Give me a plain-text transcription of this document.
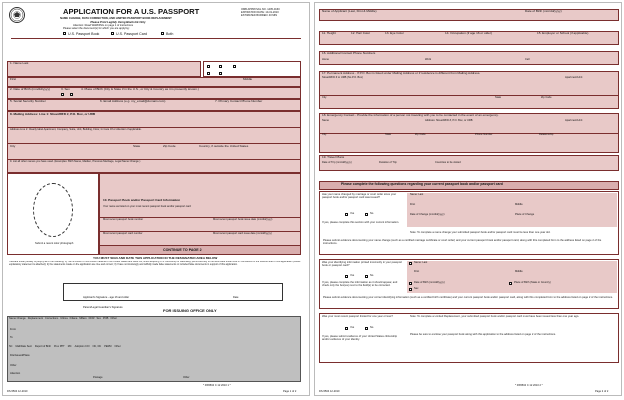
APPLICATION FOR A U.S. PASSPORT
NAME CHANGE, DATA CORRECTION, AND LIMITED PASSPORT BOOK REPLACEMENT
Please Print Legibly Using Black Ink Only
OMB APPROVAL NO. 1405-0160
EXPIRATION DATE: 10-31-2010
ESTIMATED BURDEN: 40 MIN
Attention: Read WARNING on page 1 of instructions
Please select the document(s) for which you are applying:
U.S. Passport Book	U.S. Passport Card	Both
1. Name Last
First	Middle
2. Date of Birth (mm/dd/yyyy)	3. Sex	4. Place of Birth (City & State if in the U.S., or City & Country as it is presently known.)
5. Social Security Number	6. Email Address (e.g. my_email@domain.com)	7. Primary Contact Phone Number
8. Mailing Address: Line 1: Street/RFD #, P.O. Box, or URB
Address Line 2: Clearly label Apartment, Company, Suite, Unit, Building, Floor, In Care Of or Attention if applicable.
City	State	Zip Code	Country, if outside the United States
9. List all other names you have used. (Examples: Birth Name, Maiden, Previous Marriage, Legal Name Change.)
Submit a recent color photograph
10. Passport Book and/or Passport Card Information
Your name as listed on your most recent passport book and/or passport card
Most recent passport book number	Most recent passport book issue date (mm/dd/yyyy)
Most recent passport card number	Most recent passport card issue date (mm/dd/yyyy)
CONTINUE TO PAGE 2
YOU MUST SIGN AND DATE THIS APPLICATION IN THE DESIGNATED AREA BELOW
I declare under penalty of perjury all of the following: 1) I am a citizen or non-citizen national of the United States and have not, since acquiring U.S. citizenship or nationality, performed any of the acts listed under Acts or Conditions on the reverse side of this application (unless explanatory statement is attached); 2) the statements made on the application are true and correct; 3) I have not knowingly and willfully made false statements or included false documents in support of this application.
Applicant's Signature - age 16 and older	Date
Parent/Legal Guardian's Signature
FOR ISSUING OFFICE ONLY
Name Change Replacement Corrections Ultima Filiana Mtfaro DOR Sex POB Other
From
To
SC Mail/Date Sent Report of Birth Prev PPT MC Adoption C/O NC, DC PERM Other
File/Issued/Place
Other
Attention
Postage	Other
* DS5504 C 12 2010 1 *
DS-5504 12-2010	Page 1 of 2
Name of Applicant (Last, First & Middle)	Date of Birth (mm/dd/yyyy)
11. Height	12. Hair Color	13. Eye Color	14. Occupation (if age 16 or older)	15. Employer or School (if applicable)
16. Additional Contact Phone Numbers
Home	Work	Cell
17. Permanent Address - If P.O. Box is listed under Mailing Address or if residence is different from Mailing Address.
Street/RFD # or URB (No P.O. Box)	Apartment/Unit
City	State	Zip Code
18. Emergency Contact - Provide the information of a person not traveling with you to be contacted in the event of an emergency.
Name	Address: Street/RFD #, P.O. Box, or URB	Apartment/Unit
City	State	Zip Code	Phone Number	Relationship
19. Travel Plans
Date of Trip (mm/dd/yyyy)	Duration of Trip	Countries to be visited
Please complete the following questions regarding your current passport book and/or passport card
Has your name changed by marriage or court order since your passport book and/or passport card was issued?
Yes	No
If yes, please complete this section with your current information.
Name: Last
First	Middle
Date of Change (mm/dd/yyyy)	Place of Change
Note: To complete a name change your submitted passport book and/or passport card must be less than one year old.
Please submit evidence documenting your name change (such as a certified marriage certificate or court order) and your current passport book and/or passport card, along with this completed form to the address listed on page 2 of the instructions.
Was your identifying information printed incorrectly in your passport book or passport card?
Yes	No
If yes, please complete the information as it should appear, and check only the box(es) next to the field(s) to be corrected.
Name: Last
First	Middle
Date of Birth (mm/dd/yyyy)	Place of Birth (State or Country)
Sex
Please submit evidence documenting your correct identifying information (such as a certified birth certificate) and your current passport book and/or passport card, along with this completed form to the address listed on page 2 of the instructions.
Was your most recent passport limited for one year or less?
Yes	No
If yes, please submit evidence of your United States citizenship and/or evidence of your identity.
Note: To complete a Limited Replacement, your submitted passport book and/or passport card must have been issued less than one year ago.
Please be sure to enclose your passport book along with this application to the address listed on page 2 of the instructions.
* DS5504 C 12 2010 2 *
DS-5504 12-2010	Page 2 of 2
